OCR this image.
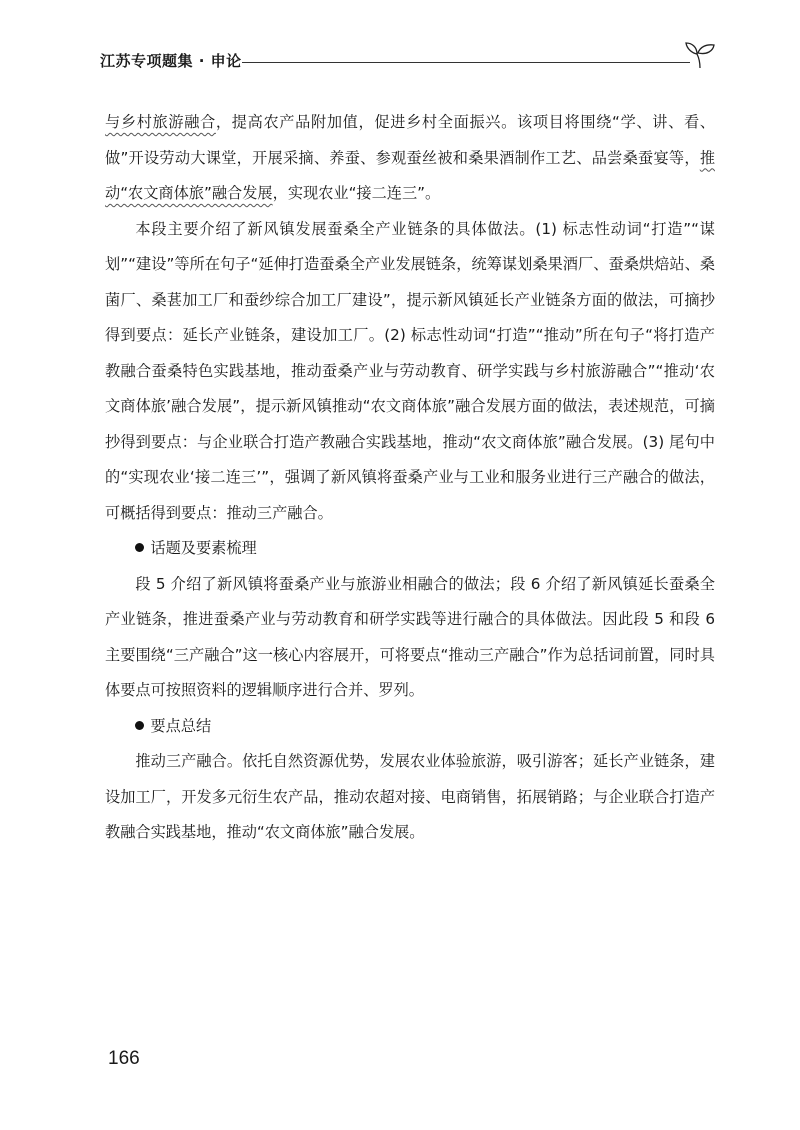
江苏专项题集 · 申论

与乡村旅游融合，提高农产品附加值，促进乡村全面振兴。该项目将围绕“学、讲、看、做”开设劳动大课堂，开展采摘、养蚕、参观蚕丝被和桑果酒制作工艺、品尝桑蚕宴等，推动“农文商体旅”融合发展，实现农业“接二连三”。

本段主要介绍了新风镇发展蚕桑全产业链条的具体做法。(1) 标志性动词“打造”“谋划”“建设”等所在句子“延伸打造蚕桑全产业发展链条，统筹谋划桑果酒厂、蚕桑烘焙站、桑菌厂、桑葚加工厂和蚕纱综合加工厂建设”，提示新风镇延长产业链条方面的做法，可摘抄得到要点：延长产业链条，建设加工厂。(2) 标志性动词“打造”“推动”所在句子“将打造产教融合蚕桑特色实践基地，推动蚕桑产业与劳动教育、研学实践与乡村旅游融合”“推动‘农文商体旅’融合发展”，提示新风镇推动“农文商体旅”融合发展方面的做法，表述规范，可摘抄得到要点：与企业联合打造产教融合实践基地，推动“农文商体旅”融合发展。(3) 尾句中的“实现农业‘接二连三’”，强调了新风镇将蚕桑产业与工业和服务业进行三产融合的做法，可概括得到要点：推动三产融合。

话题及要素梳理

段 5 介绍了新风镇将蚕桑产业与旅游业相融合的做法；段 6 介绍了新风镇延长蚕桑全产业链条，推进蚕桑产业与劳动教育和研学实践等进行融合的具体做法。因此段 5 和段 6 主要围绕“三产融合”这一核心内容展开，可将要点“推动三产融合”作为总括词前置，同时具体要点可按照资料的逻辑顺序进行合并、罗列。

要点总结

推动三产融合。依托自然资源优势，发展农业体验旅游，吸引游客；延长产业链条，建设加工厂，开发多元衍生农产品，推动农超对接、电商销售，拓展销路；与企业联合打造产教融合实践基地，推动“农文商体旅”融合发展。

166
